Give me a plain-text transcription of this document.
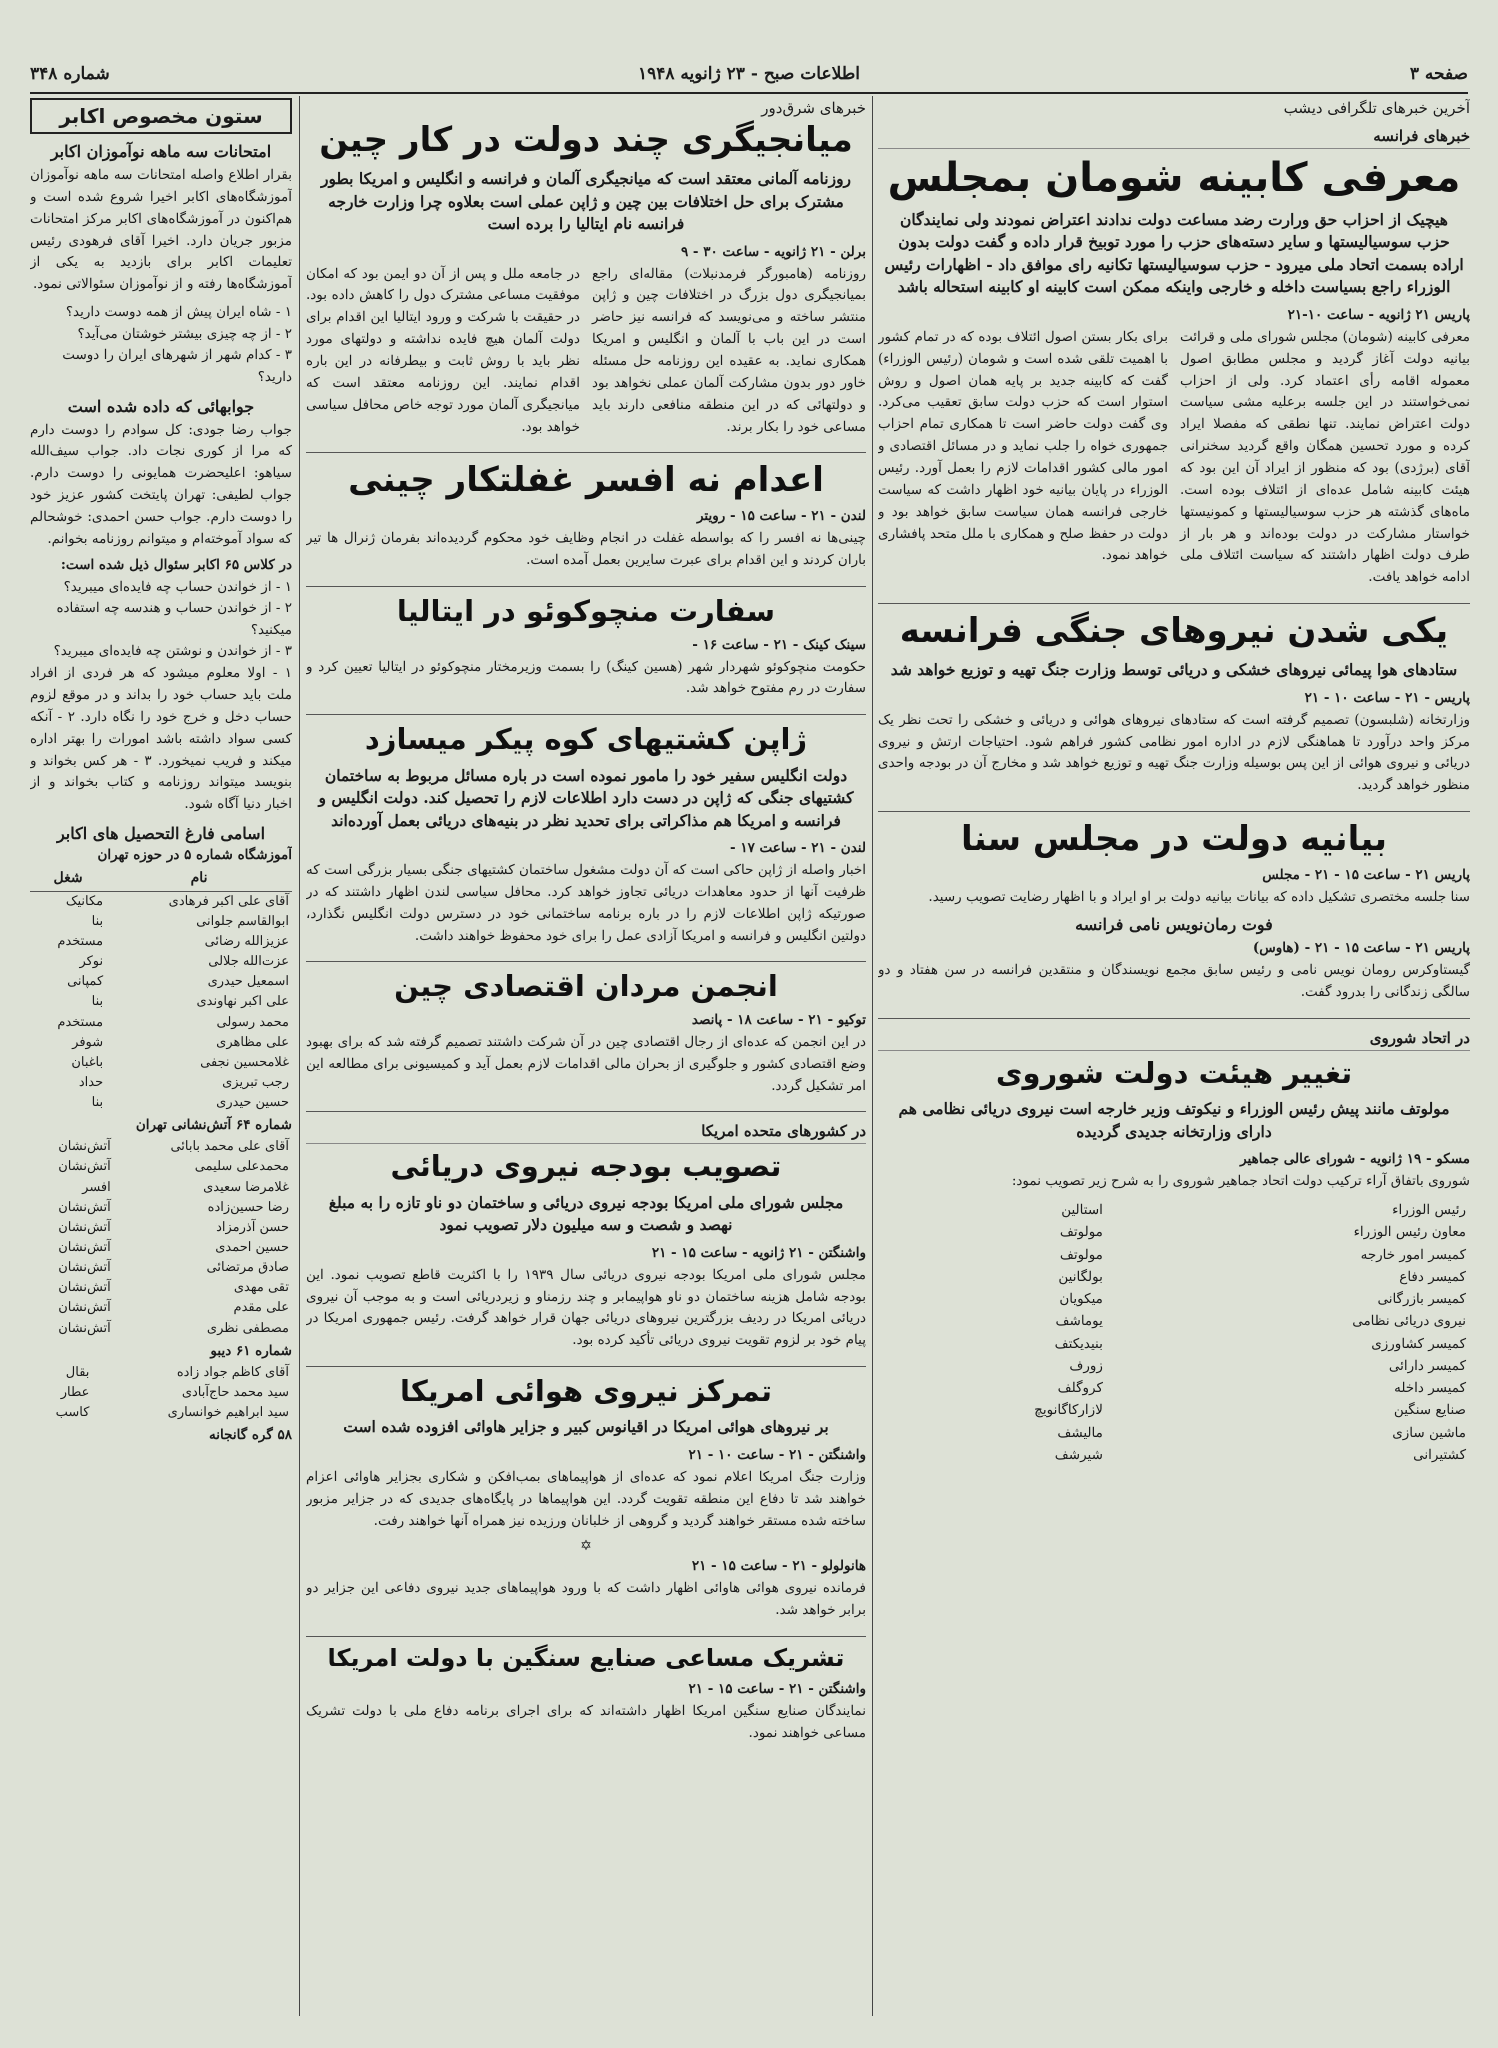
صفحه ۳
اطلاعات صبح - ۲۳ ژانویه ۱۹۴۸
شماره ۳۴۸
آخرین خبرهای تلگرافی دیشب
خبرهای فرانسه
معرفی کابینه شومان بمجلس
هیچیک از احزاب حق ورارت رضد مساعت دولت ندادند اعتراض نمودند ولی نمایندگان حزب سوسیالیستها و سایر دسته‌های حزب را مورد توبیخ قرار داده و گفت دولت بدون اراده بسمت اتحاد ملی میرود - حزب سوسیالیستها تکانیه رای موافق داد - اظهارات رئیس الوزراء راجع بسیاست داخله و خارجی واینکه ممکن است کابینه او کابینه استحاله باشد
پاریس ۲۱ ژانویه - ساعت ۱۰-۲۱

معرفی کابینه (شومان) مجلس شورای ملی و قرائت بیانیه دولت آغاز گردید و مجلس مطابق اصول معموله اقامه رأی اعتماد کرد. ولی از احزاب نمی‌خواستند در این جلسه برعلیه مشی سیاست دولت اعتراض نمایند. تنها نطقی که مفصلا ایراد کرده و مورد تحسین همگان واقع گردید سخنرانی آقای (برژدی) بود که منظور از ایراد آن این بود که هیئت کابینه شامل عده‌ای از ائتلاف بوده است. ماه‌های گذشته هر حزب سوسیالیستها و کمونیستها خواستار مشارکت در دولت بوده‌اند و هر بار از طرف دولت اظهار داشتند که سیاست ائتلاف ملی ادامه خواهد یافت.

برای بکار بستن اصول ائتلاف بوده که در تمام کشور با اهمیت تلقی شده است و شومان (رئیس الوزراء) گفت که کابینه جدید بر پایه همان اصول و روش استوار است که حزب دولت سابق تعقیب می‌کرد. وی گفت دولت حاضر است تا همکاری تمام احزاب جمهوری خواه را جلب نماید و در مسائل اقتصادی و امور مالی کشور اقدامات لازم را بعمل آورد. رئیس الوزراء در پایان بیانیه خود اظهار داشت که سیاست خارجی فرانسه همان سیاست سابق خواهد بود و دولت در حفظ صلح و همکاری با ملل متحد پافشاری خواهد نمود.

یکی شدن نیروهای جنگی فرانسه
ستادهای هوا پیمائی نیروهای خشکی و دریائی توسط وزارت جنگ تهیه و توزیع خواهد شد
پاریس - ۲۱ - ساعت ۱۰ - ۲۱

وزارتخانه (شلبسون) تصمیم گرفته است که ستادهای نیروهای هوائی و دریائی و خشکی را تحت نظر یک مرکز واحد درآورد تا هماهنگی لازم در اداره امور نظامی کشور فراهم شود. احتیاجات ارتش و نیروی دریائی و نیروی هوائی از این پس بوسیله وزارت جنگ تهیه و توزیع خواهد شد و مخارج آن در بودجه واحدی منظور خواهد گردید.

بیانیه دولت در مجلس سنا
پاریس ۲۱ - ساعت ۱۵ - ۲۱ - مجلس

سنا جلسه مختصری تشکیل داده که بیانات بیانیه دولت بر او ایراد و با اظهار رضایت تصویب رسید.

فوت رمان‌نویس نامی فرانسه
پاریس ۲۱ - ساعت ۱۵ - ۲۱ - (هاوس)

گیستاوکرس رومان نویس نامی و رئیس سابق مجمع نویسندگان و منتقدین فرانسه در سن هفتاد و دو سالگی زندگانی را بدرود گفت.

در اتحاد شوروی
تغییر هیئت دولت شوروی
مولوتف مانند پیش رئیس الوزراء و نیکوتف وزیر خارجه است نیروی دریائی نظامی هم دارای وزارتخانه جدیدی گردیده
مسکو - ۱۹ ژانویه - شورای عالی جماهیر

شوروی باتفاق آراء ترکیب دولت اتحاد جماهیر شوروی را به شرح زیر تصویب نمود:

رئیس الوزراء	استالین
معاون رئیس الوزراء	مولوتف
کمیسر امور خارجه	مولوتف
کمیسر دفاع	بولگانین
کمیسر بازرگانی	میکویان
نیروی دریائی نظامی	یوماشف
کمیسر کشاورزی	بنیدیکتف
کمیسر دارائی	زورف
کمیسر داخله	کروگلف
صنایع سنگین	لازارکاگانویچ
ماشین سازی	مالیشف
کشتیرانی	شیرشف
خبرهای شرق‌دور
میانجیگری چند دولت در کار چین
روزنامه آلمانی معتقد است که میانجیگری آلمان و فرانسه و انگلیس و امریکا بطور مشترک برای حل اختلافات بین چین و ژاپن عملی است بعلاوه چرا وزارت خارجه فرانسه نام ایتالیا را برده است
برلن - ۲۱ ژانویه - ساعت ۳۰ - ۹

روزنامه (هامبورگر فرمدنبلات) مقاله‌ای راجع بمیانجیگری دول بزرگ در اختلافات چین و ژاپن منتشر ساخته و می‌نویسد که فرانسه نیز حاضر است در این باب با آلمان و انگلیس و امریکا همکاری نماید. به عقیده این روزنامه حل مسئله خاور دور بدون مشارکت آلمان عملی نخواهد بود و دولتهائی که در این منطقه منافعی دارند باید مساعی خود را بکار برند.

در جامعه ملل و پس از آن دو ایمن بود که امکان موفقیت مساعی مشترک دول را کاهش داده بود. در حقیقت با شرکت و ورود ایتالیا این اقدام برای دولت آلمان هیچ فایده نداشته و دولتهای مورد نظر باید با روش ثابت و بیطرفانه در این باره اقدام نمایند. این روزنامه معتقد است که میانجیگری آلمان مورد توجه خاص محافل سیاسی خواهد بود.

اعدام نه افسر غفلتکار چینی
لندن - ۲۱ - ساعت ۱۵ - رویتر

چینی‌ها نه افسر را که بواسطه غفلت در انجام وظایف خود محکوم گردیده‌اند بفرمان ژنرال ها تیر باران کردند و این اقدام برای عبرت سایرین بعمل آمده است.

سفارت منچوکوئو در ایتالیا
سینک کینک - ۲۱ - ساعت ۱۶ -

حکومت منچوکوئو شهردار شهر (هسین کینگ) را بسمت وزیرمختار منچوکوئو در ایتالیا تعیین کرد و سفارت در رم مفتوح خواهد شد.

ژاپن کشتیهای کوه پیکر میسازد
دولت انگلیس سفیر خود را مامور نموده است در باره مسائل مربوط به ساختمان کشتیهای جنگی که ژاپن در دست دارد اطلاعات لازم را تحصیل کند. دولت انگلیس و فرانسه و امریکا هم مذاکراتی برای تحدید نظر در بنیه‌های دریائی بعمل آورده‌اند
لندن - ۲۱ - ساعت ۱۷ -

اخبار واصله از ژاپن حاکی است که آن دولت مشغول ساختمان کشتیهای جنگی بسیار بزرگی است که ظرفیت آنها از حدود معاهدات دریائی تجاوز خواهد کرد. محافل سیاسی لندن اظهار داشتند که در صورتیکه ژاپن اطلاعات لازم را در باره برنامه ساختمانی خود در دسترس دولت انگلیس نگذارد، دولتین انگلیس و فرانسه و امریکا آزادی عمل را برای خود محفوظ خواهند داشت.

انجمن مردان اقتصادی چین
توکیو - ۲۱ - ساعت ۱۸ - پانصد

در این انجمن که عده‌ای از رجال اقتصادی چین در آن شرکت داشتند تصمیم گرفته شد که برای بهبود وضع اقتصادی کشور و جلوگیری از بحران مالی اقدامات لازم بعمل آید و کمیسیونی برای مطالعه این امر تشکیل گردد.

در کشورهای متحده امریکا
تصویب بودجه نیروی دریائی
مجلس شورای ملی امریکا بودجه نیروی دریائی و ساختمان دو ناو تازه را به مبلغ نهصد و شصت و سه میلیون دلار تصویب نمود
واشنگتن - ۲۱ ژانویه - ساعت ۱۵ - ۲۱

مجلس شورای ملی امریکا بودجه نیروی دریائی سال ۱۹۳۹ را با اکثریت قاطع تصویب نمود. این بودجه شامل هزینه ساختمان دو ناو هواپیمابر و چند رزمناو و زیردریائی است و به موجب آن نیروی دریائی امریکا در ردیف بزرگترین نیروهای دریائی جهان قرار خواهد گرفت. رئیس جمهوری امریکا در پیام خود بر لزوم تقویت نیروی دریائی تأکید کرده بود.

تمرکز نیروی هوائی امریکا
بر نیروهای هوائی امریکا در اقیانوس کبیر و جزایر هاوائی افزوده شده است
واشنگتن - ۲۱ - ساعت ۱۰ - ۲۱

وزارت جنگ امریکا اعلام نمود که عده‌ای از هواپیماهای بمب‌افکن و شکاری بجزایر هاوائی اعزام خواهند شد تا دفاع این منطقه تقویت گردد. این هواپیماها در پایگاه‌های جدیدی که در جزایر مزبور ساخته شده مستقر خواهند گردید و گروهی از خلبانان ورزیده نیز همراه آنها خواهند رفت.

✡
هانولولو - ۲۱ - ساعت ۱۵ - ۲۱

فرمانده نیروی هوائی هاوائی اظهار داشت که با ورود هواپیماهای جدید نیروی دفاعی این جزایر دو برابر خواهد شد.

تشریک مساعی صنایع سنگین با دولت امریکا
واشنگتن - ۲۱ - ساعت ۱۵ - ۲۱

نمایندگان صنایع سنگین امریکا اظهار داشته‌اند که برای اجرای برنامه دفاع ملی با دولت تشریک مساعی خواهند نمود.

ستون مخصوص اکابر
امتحانات سه ماهه نوآموزان اکابر

بقرار اطلاع واصله امتحانات سه ماهه نوآموزان آموزشگاه‌های اکابر اخیرا شروع شده است و هم‌اکنون در آموزشگاه‌های اکابر مرکز امتحانات مزبور جریان دارد. اخیرا آقای فرهودی رئیس تعلیمات اکابر برای بازدید به یکی از آموزشگاه‌ها رفته و از نوآموزان سئوالاتی نمود.

۱ - شاه ایران پیش از همه دوست دارید؟
۲ - از چه چیزی بیشتر خوشتان می‌آید؟
۳ - کدام شهر از شهرهای ایران را دوست دارید؟
جوابهائی که داده شده است

جواب رضا جودی: کل سوادم را دوست دارم که مرا از کوری نجات داد. جواب سیف‌الله سیاهو: اعلیحضرت همایونی را دوست دارم. جواب لطیفی: تهران پایتخت کشور عزیز خود را دوست دارم. جواب حسن احمدی: خوشحالم که سواد آموخته‌ام و میتوانم روزنامه بخوانم.

در کلاس ۶۵ اکابر سئوال ذیل شده است:
۱ - از خواندن حساب چه فایده‌ای میبرید؟
۲ - از خواندن حساب و هندسه چه استفاده میکنید؟
۳ - از خواندن و نوشتن چه فایده‌ای میبرید؟

۱ - اولا معلوم میشود که هر فردی از افراد ملت باید حساب خود را بداند و در موقع لزوم حساب دخل و خرج خود را نگاه دارد. ۲ - آنکه کسی سواد داشته باشد امورات را بهتر اداره میکند و فریب نمیخورد. ۳ - هر کس بخواند و بنویسد میتواند روزنامه و کتاب بخواند و از اخبار دنیا آگاه شود.

اسامی فارغ التحصیل های اکابر
آموزشگاه شماره ۵ در حوزه تهران
نام	شغل
آقای علی اکبر فرهادی	مکانیک
ابوالقاسم جلوانی	بنا
عزیزالله رضائی	مستخدم
عزت‌الله جلالی	نوکر
اسمعیل حیدری	کمپانی
علی اکبر نهاوندی	بنا
محمد رسولی	مستخدم
علی مظاهری	شوفر
غلامحسین نجفی	باغبان
رجب تبریزی	حداد
حسین حیدری	بنا
شماره ۶۴ آتش‌نشانی تهران
آقای علی محمد بابائی	آتش‌نشان
محمدعلی سلیمی	آتش‌نشان
غلامرضا سعیدی	افسر
رضا حسین‌زاده	آتش‌نشان
حسن آذرمزاد	آتش‌نشان
حسین احمدی	آتش‌نشان
صادق مرتضائی	آتش‌نشان
تقی مهدی	آتش‌نشان
علی مقدم	آتش‌نشان
مصطفی نظری	آتش‌نشان
شماره ۶۱ دیبو
آقای کاظم جواد زاده	بقال
سید محمد حاج‌آبادی	عطار
سید ابراهیم خوانساری	کاسب
۵۸ گره گانجانه
